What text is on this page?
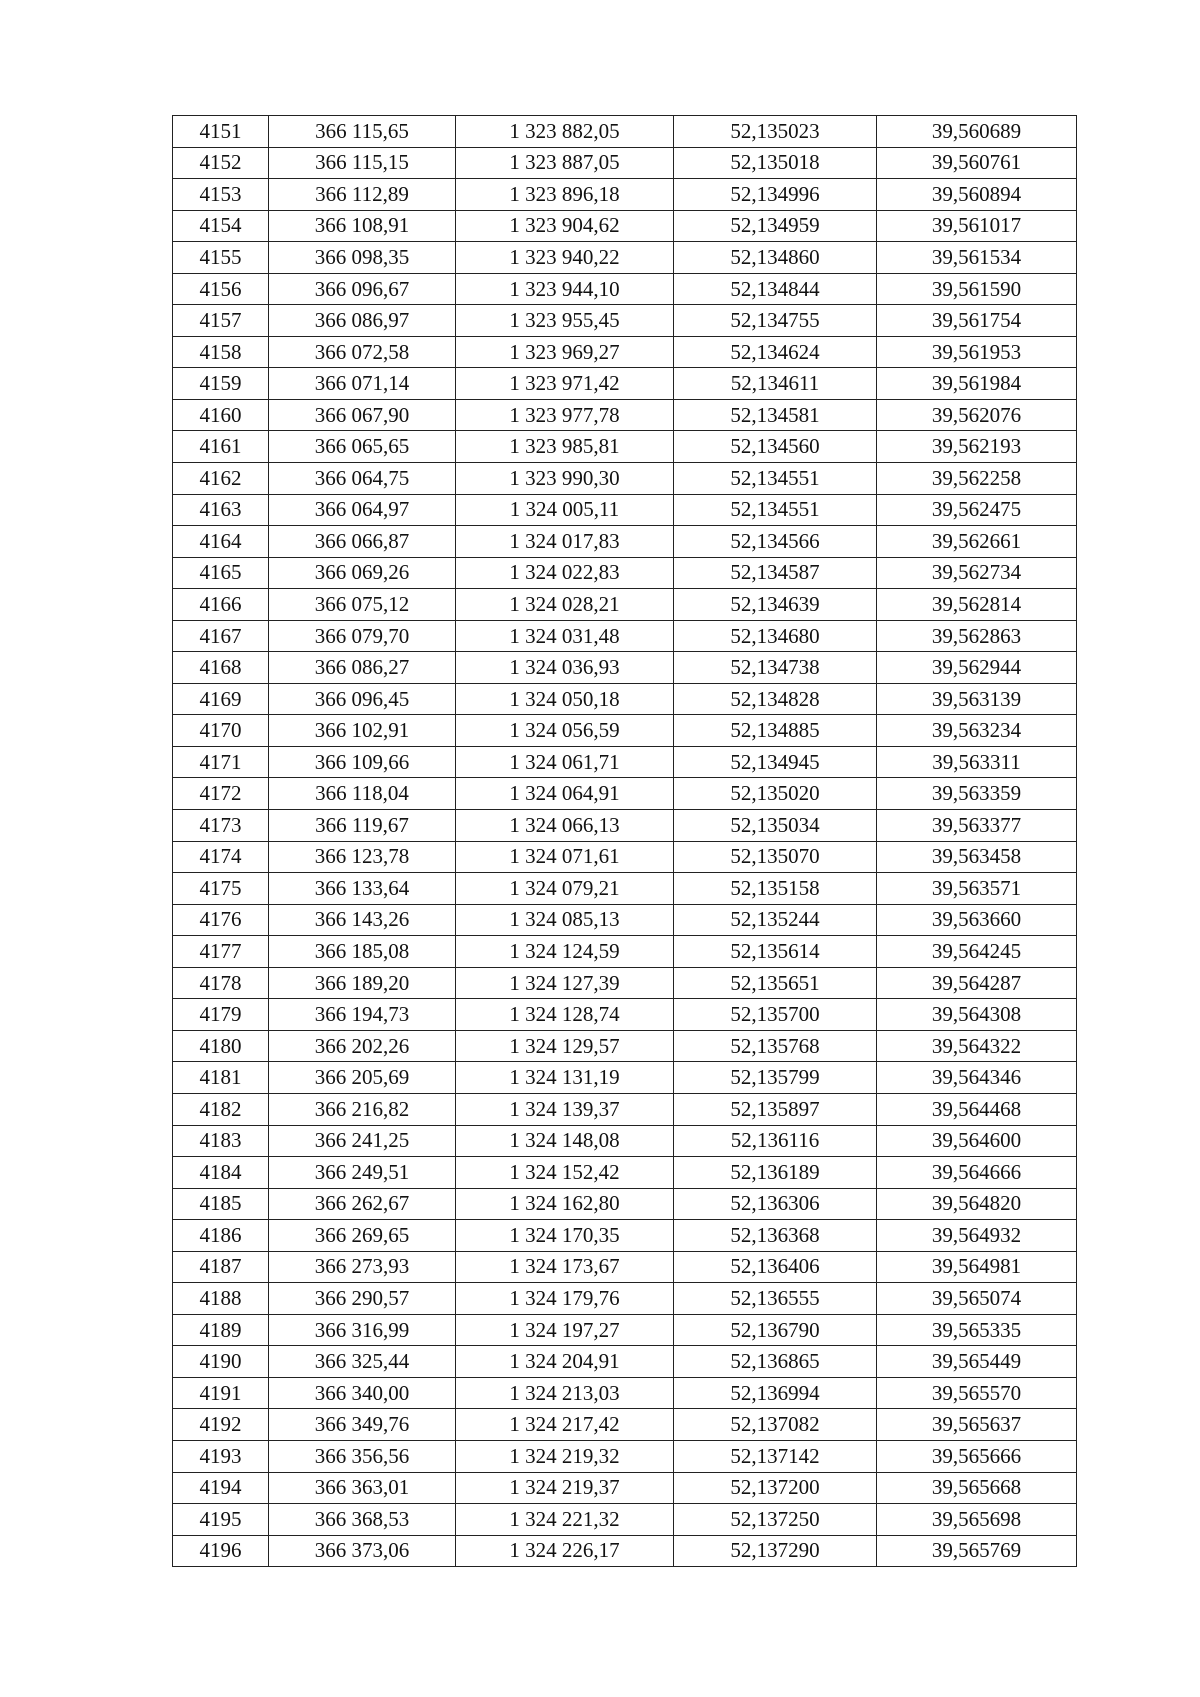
4151	366 115,65	1 323 882,05	52,135023	39,560689
4152	366 115,15	1 323 887,05	52,135018	39,560761
4153	366 112,89	1 323 896,18	52,134996	39,560894
4154	366 108,91	1 323 904,62	52,134959	39,561017
4155	366 098,35	1 323 940,22	52,134860	39,561534
4156	366 096,67	1 323 944,10	52,134844	39,561590
4157	366 086,97	1 323 955,45	52,134755	39,561754
4158	366 072,58	1 323 969,27	52,134624	39,561953
4159	366 071,14	1 323 971,42	52,134611	39,561984
4160	366 067,90	1 323 977,78	52,134581	39,562076
4161	366 065,65	1 323 985,81	52,134560	39,562193
4162	366 064,75	1 323 990,30	52,134551	39,562258
4163	366 064,97	1 324 005,11	52,134551	39,562475
4164	366 066,87	1 324 017,83	52,134566	39,562661
4165	366 069,26	1 324 022,83	52,134587	39,562734
4166	366 075,12	1 324 028,21	52,134639	39,562814
4167	366 079,70	1 324 031,48	52,134680	39,562863
4168	366 086,27	1 324 036,93	52,134738	39,562944
4169	366 096,45	1 324 050,18	52,134828	39,563139
4170	366 102,91	1 324 056,59	52,134885	39,563234
4171	366 109,66	1 324 061,71	52,134945	39,563311
4172	366 118,04	1 324 064,91	52,135020	39,563359
4173	366 119,67	1 324 066,13	52,135034	39,563377
4174	366 123,78	1 324 071,61	52,135070	39,563458
4175	366 133,64	1 324 079,21	52,135158	39,563571
4176	366 143,26	1 324 085,13	52,135244	39,563660
4177	366 185,08	1 324 124,59	52,135614	39,564245
4178	366 189,20	1 324 127,39	52,135651	39,564287
4179	366 194,73	1 324 128,74	52,135700	39,564308
4180	366 202,26	1 324 129,57	52,135768	39,564322
4181	366 205,69	1 324 131,19	52,135799	39,564346
4182	366 216,82	1 324 139,37	52,135897	39,564468
4183	366 241,25	1 324 148,08	52,136116	39,564600
4184	366 249,51	1 324 152,42	52,136189	39,564666
4185	366 262,67	1 324 162,80	52,136306	39,564820
4186	366 269,65	1 324 170,35	52,136368	39,564932
4187	366 273,93	1 324 173,67	52,136406	39,564981
4188	366 290,57	1 324 179,76	52,136555	39,565074
4189	366 316,99	1 324 197,27	52,136790	39,565335
4190	366 325,44	1 324 204,91	52,136865	39,565449
4191	366 340,00	1 324 213,03	52,136994	39,565570
4192	366 349,76	1 324 217,42	52,137082	39,565637
4193	366 356,56	1 324 219,32	52,137142	39,565666
4194	366 363,01	1 324 219,37	52,137200	39,565668
4195	366 368,53	1 324 221,32	52,137250	39,565698
4196	366 373,06	1 324 226,17	52,137290	39,565769
